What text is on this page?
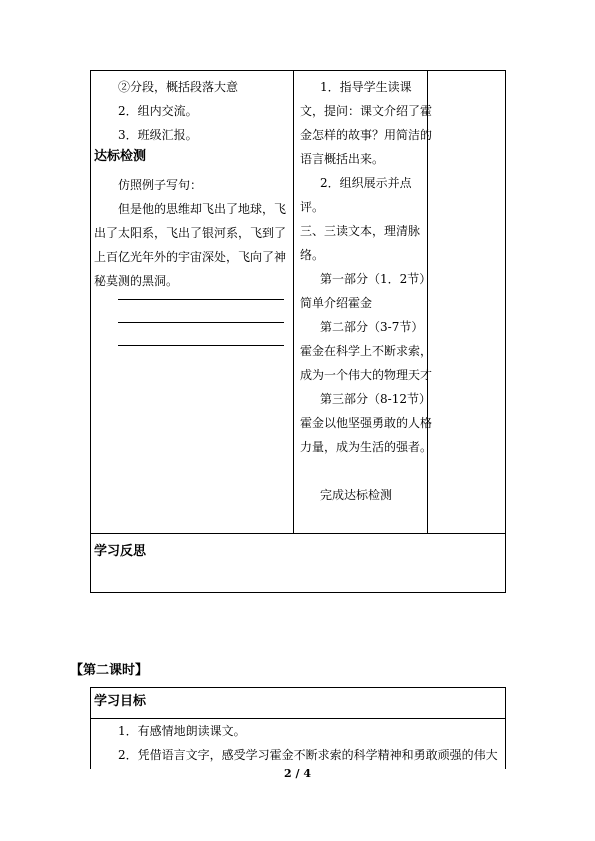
②分段，概括段落大意
2．组内交流。
3．班级汇报。
达标检测
仿照例子写句：
但是他的思维却飞出了地球，飞
出了太阳系，飞出了银河系，飞到了
上百亿光年外的宇宙深处，飞向了神
秘莫测的黑洞。

1．指导学生读课文，提问：课文介绍了霍金怎样的故事？用简洁的语言概括出来。

2．组织展示并点评。

三、三读文本，理清脉络。

第一部分（1．2节）简单介绍霍金

第二部分（3-7节）霍金在科学上不断求索，成为一个伟大的物理天才

第三部分（8-12节）霍金以他坚强勇敢的人格力量，成为生活的强者。

完成达标检测

学习反思
【第二课时】
学习目标
1．有感情地朗读课文。
2．凭借语言文字，感受学习霍金不断求索的科学精神和勇敢顽强的伟大
2 / 4
